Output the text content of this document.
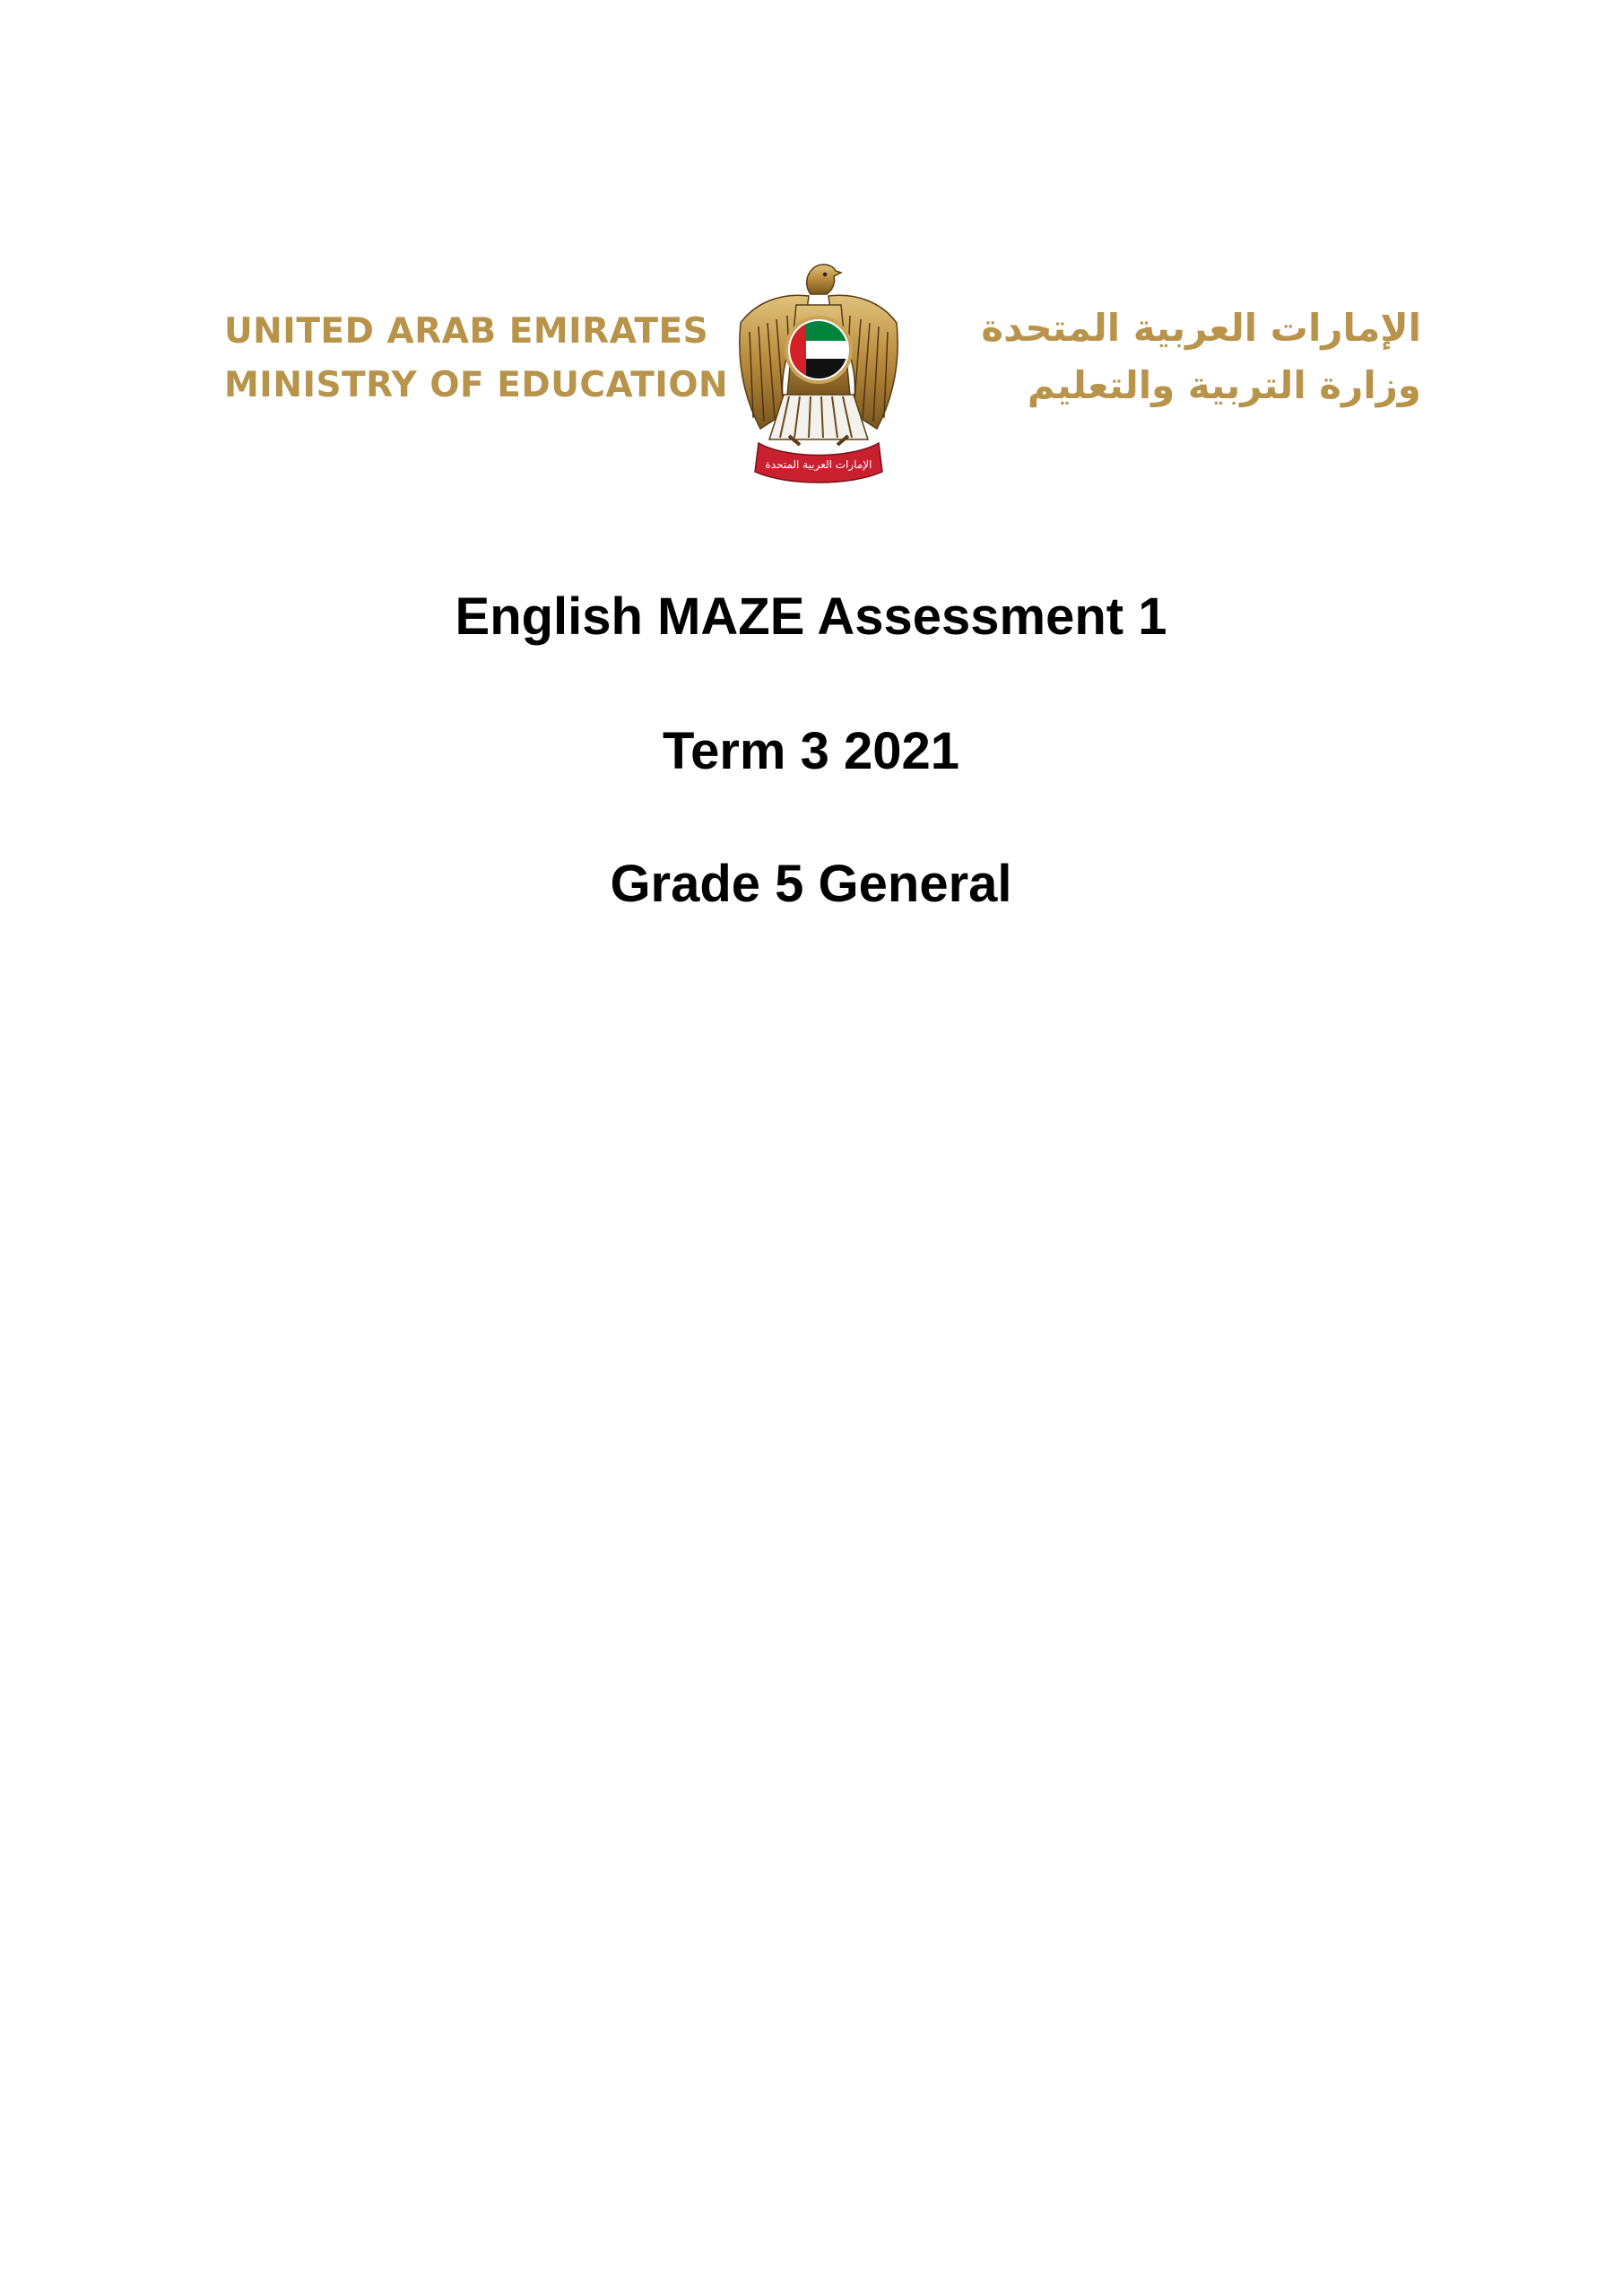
UNITED ARAB EMIRATES
MINISTRY OF EDUCATION
الإمارات العربية المتحدة
الإمارات العربية المتحدة
وزارة التربية والتعليم
English MAZE Assessment 1
Term 3 2021
Grade 5 General
